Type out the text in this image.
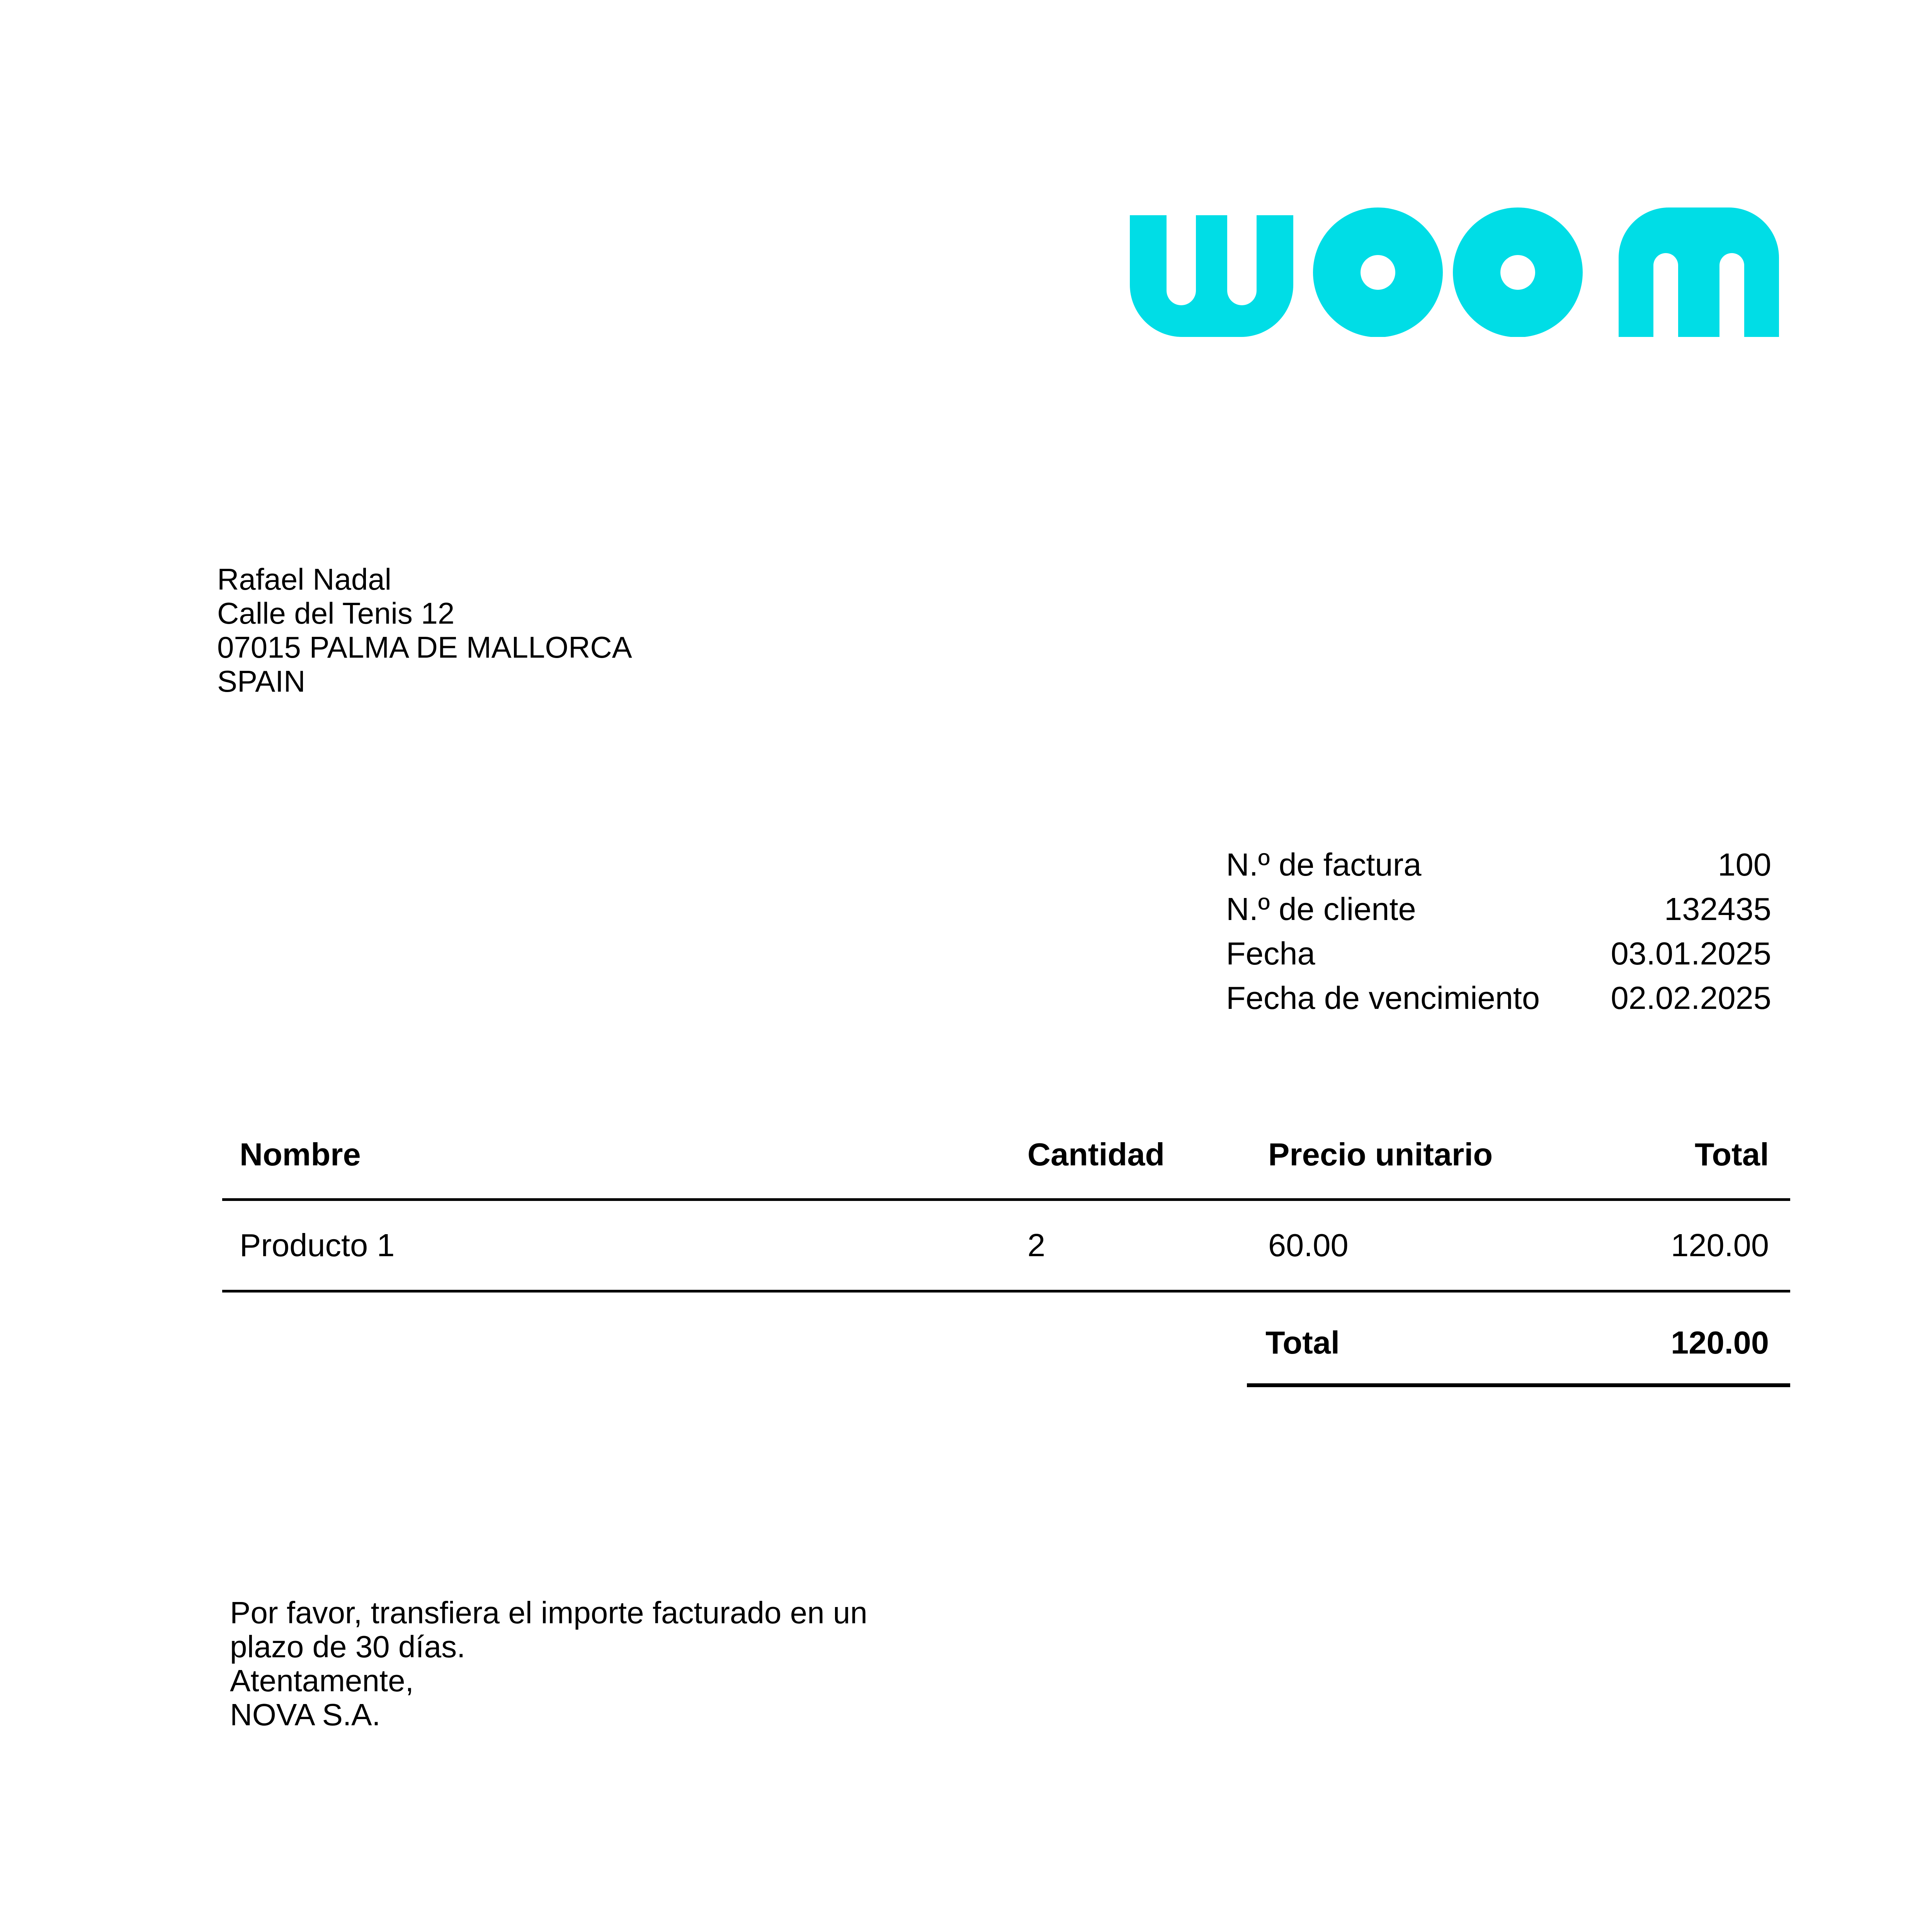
Rafael Nadal
Calle del Tenis 12
07015 PALMA DE MALLORCA
SPAIN
N.º de factura	100
N.º de cliente	132435
Fecha	03.01.2025
Fecha de vencimiento 02.02.2025
Nombre	Cantidad	Precio unitario	Total
Producto 1	2	60.00	120.00
Total	120.00
Por favor, transfiera el importe facturado en un
plazo de 30 días.
Atentamente,
NOVA S.A.
